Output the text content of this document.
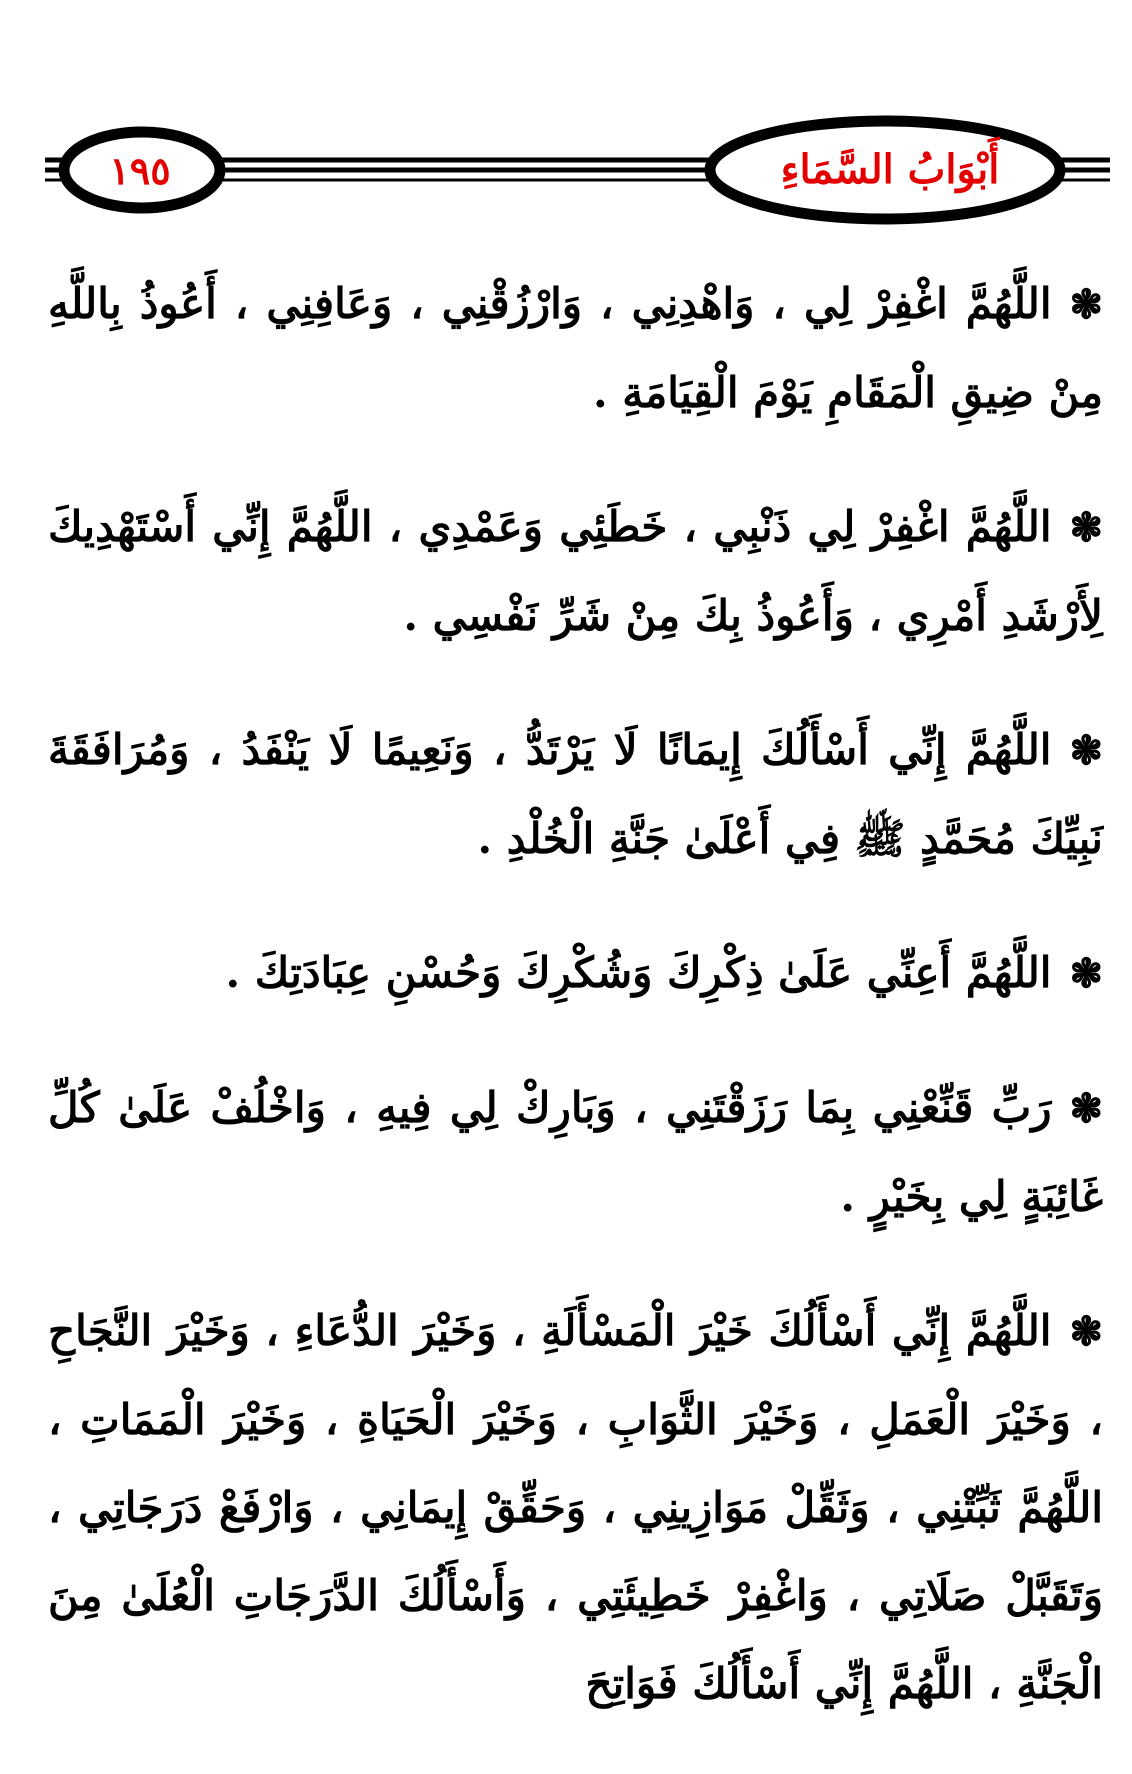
أَبْوَابُ السَّمَاءِ
١٩٥

❃اللَّهُمَّ اغْفِرْ لِي ، وَاهْدِنِي ، وَارْزُقْنِي ، وَعَافِنِي ، أَعُوذُ بِاللَّهِ مِنْ ضِيقِ الْمَقَامِ يَوْمَ الْقِيَامَةِ .

❃اللَّهُمَّ اغْفِرْ لِي ذَنْبِي ، خَطَئِي وَعَمْدِي ، اللَّهُمَّ إِنِّي أَسْتَهْدِيكَ لِأَرْشَدِ أَمْرِي ، وَأَعُوذُ بِكَ مِنْ شَرِّ نَفْسِي .

❃اللَّهُمَّ إِنِّي أَسْأَلُكَ إِيمَانًا لَا يَرْتَدُّ ، وَنَعِيمًا لَا يَنْفَدُ ، وَمُرَافَقَةَ نَبِيِّكَ مُحَمَّدٍ ﷺ فِي أَعْلَىٰ جَنَّةِ الْخُلْدِ .

❃اللَّهُمَّ أَعِنِّي عَلَىٰ ذِكْرِكَ وَشُكْرِكَ وَحُسْنِ عِبَادَتِكَ .

❃رَبِّ قَنِّعْنِي بِمَا رَزَقْتَنِي ، وَبَارِكْ لِي فِيهِ ، وَاخْلُفْ عَلَىٰ كُلِّ غَائِبَةٍ لِي بِخَيْرٍ .

❃اللَّهُمَّ إِنِّي أَسْأَلُكَ خَيْرَ الْمَسْأَلَةِ ، وَخَيْرَ الدُّعَاءِ ، وَخَيْرَ النَّجَاحِ ، وَخَيْرَ الْعَمَلِ ، وَخَيْرَ الثَّوَابِ ، وَخَيْرَ الْحَيَاةِ ، وَخَيْرَ الْمَمَاتِ ، اللَّهُمَّ ثَبِّتْنِي ، وَثَقِّلْ مَوَازِينِي ، وَحَقِّقْ إِيمَانِي ، وَارْفَعْ دَرَجَاتِي ، وَتَقَبَّلْ صَلَاتِي ، وَاغْفِرْ خَطِيئَتِي ، وَأَسْأَلُكَ الدَّرَجَاتِ الْعُلَىٰ مِنَ الْجَنَّةِ ، اللَّهُمَّ إِنِّي أَسْأَلُكَ فَوَاتِحَ
